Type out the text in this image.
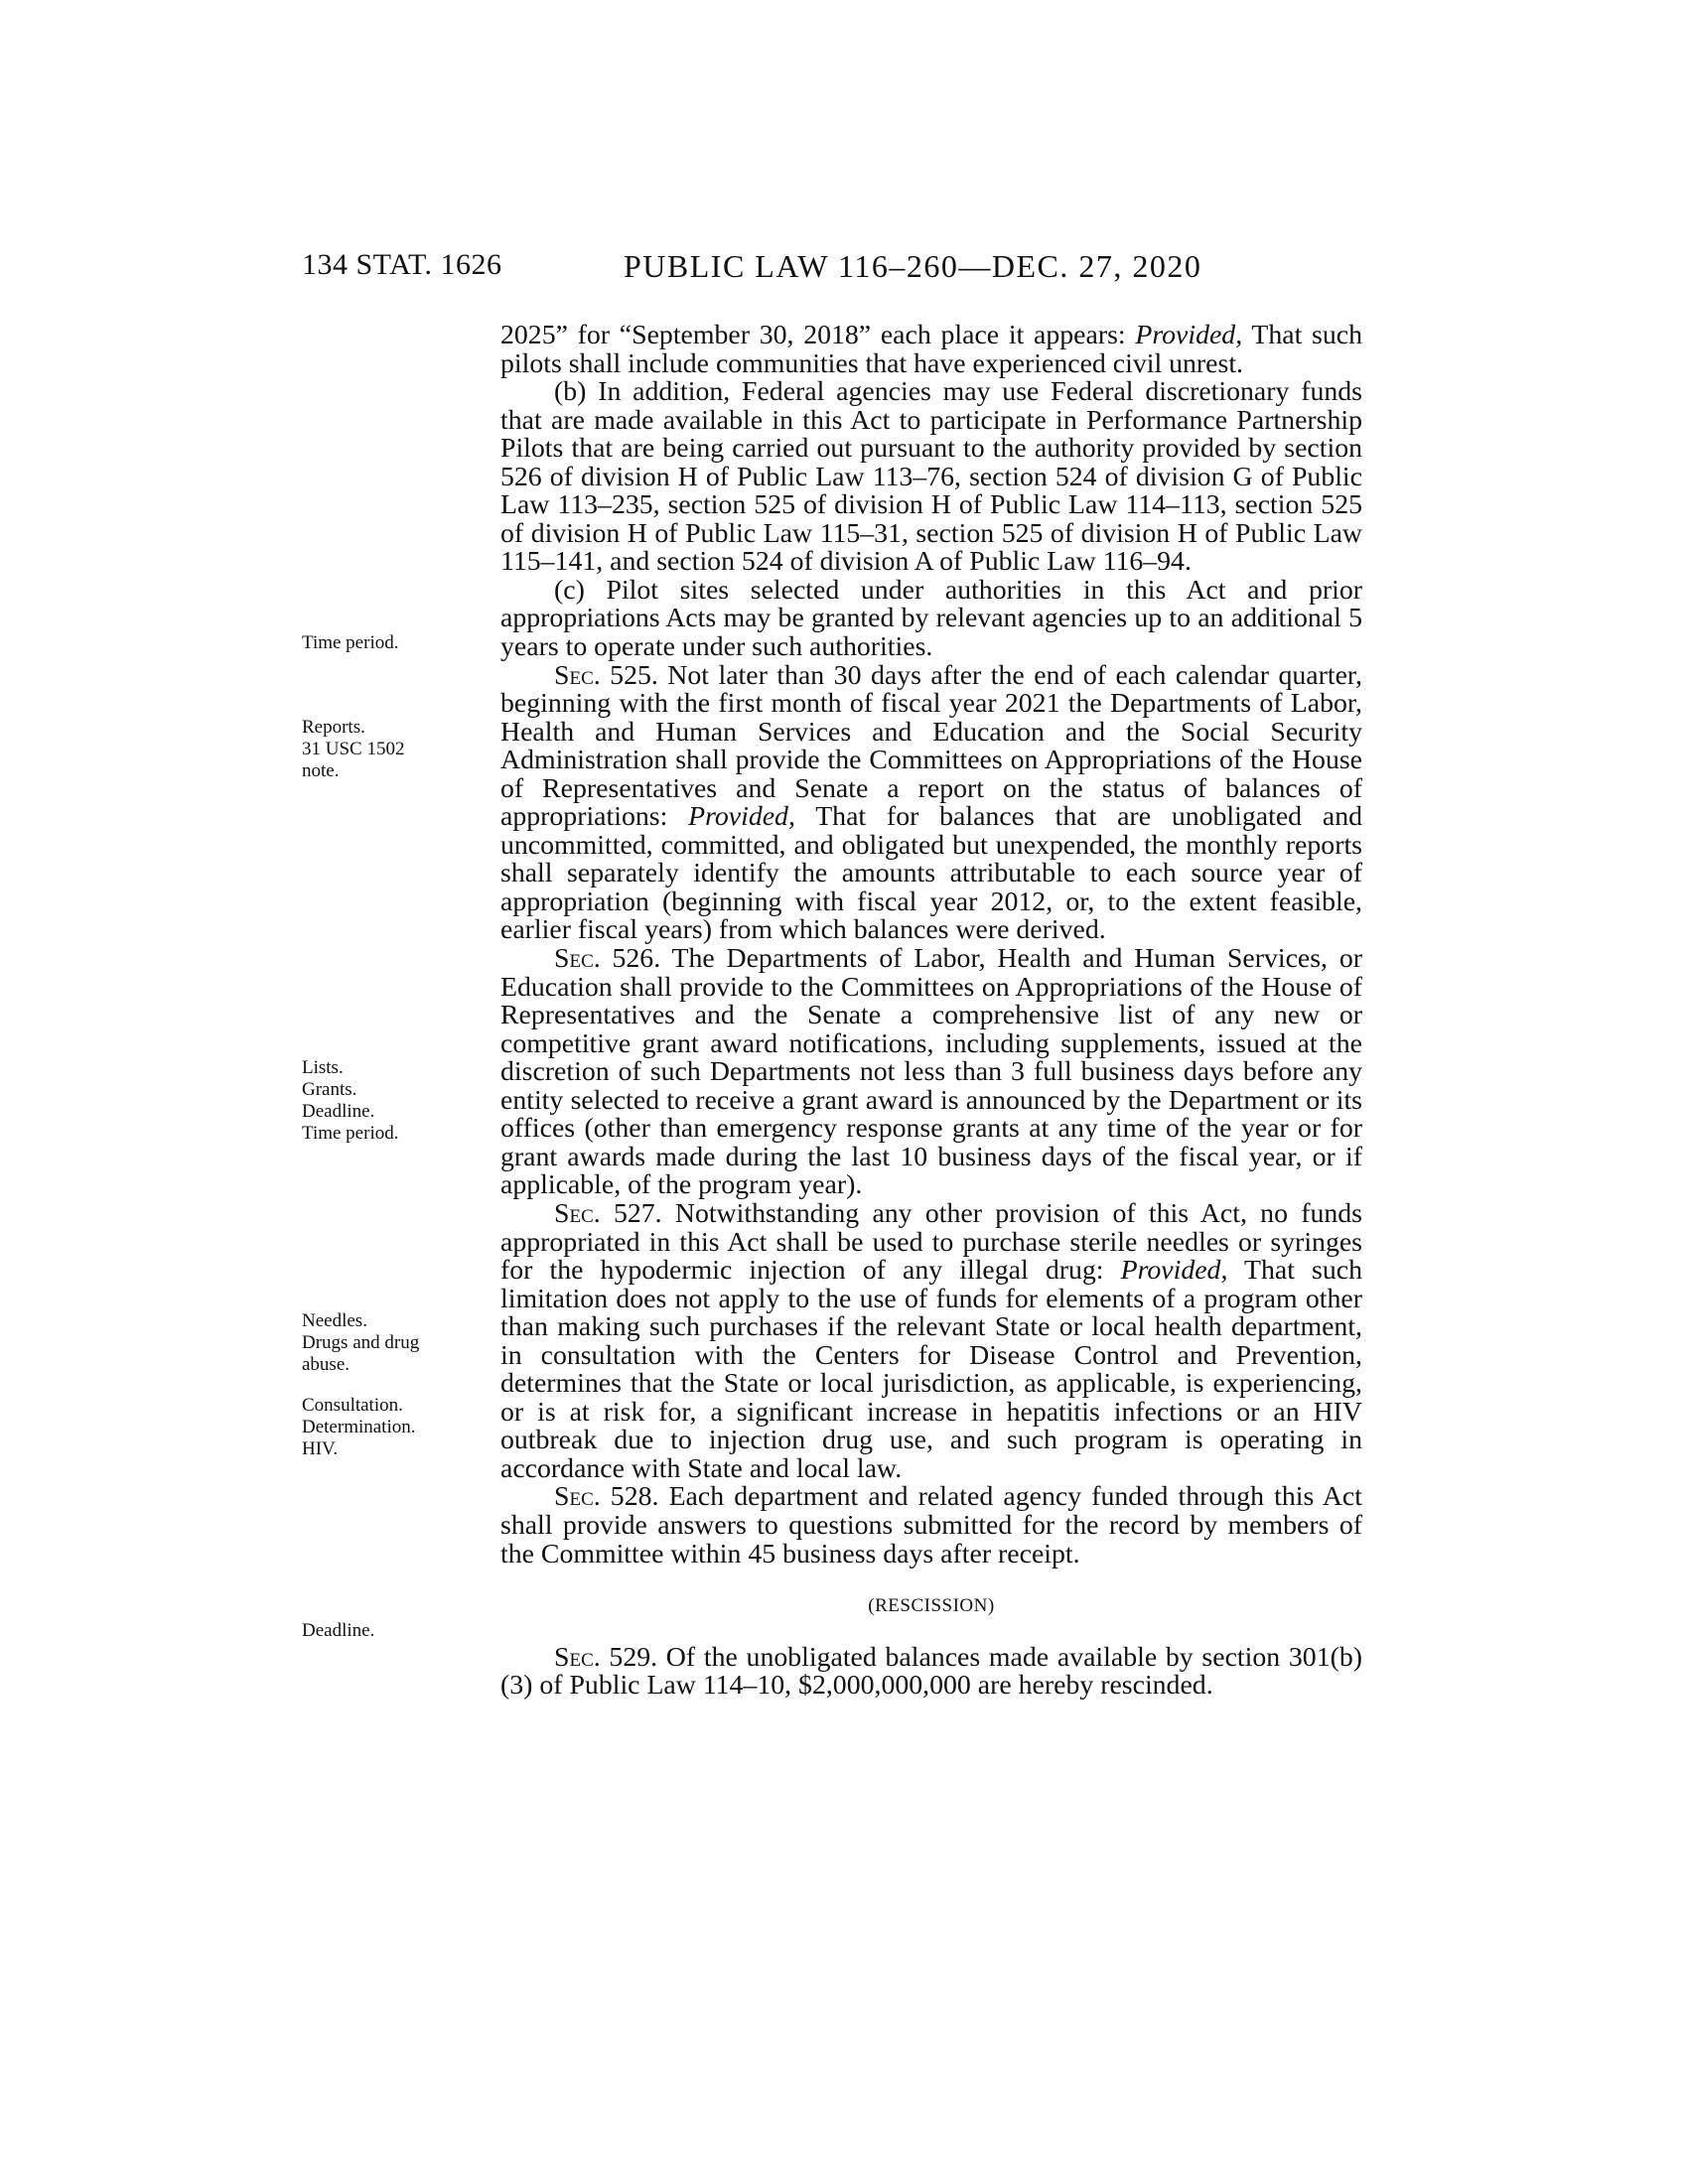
134 STAT. 1626	PUBLIC LAW 116–260—DEC. 27, 2020
Time period.
Reports.
31 USC 1502
note.
Lists.
Grants.
Deadline.
Time period.
Needles.
Drugs and drug
abuse.
Consultation.
Determination.
HIV.
Deadline.

2025” for “September 30, 2018” each place it appears: Provided, That such pilots shall include communities that have experienced civil unrest.

(b) In addition, Federal agencies may use Federal discretionary funds that are made available in this Act to participate in Performance Partnership Pilots that are being carried out pursuant to the authority provided by section 526 of division H of Public Law 113–76, section 524 of division G of Public Law 113–235, section 525 of division H of Public Law 114–113, section 525 of division H of Public Law 115–31, section 525 of division H of Public Law 115–141, and section 524 of division A of Public Law 116–94.

(c) Pilot sites selected under authorities in this Act and prior appropriations Acts may be granted by relevant agencies up to an additional 5 years to operate under such authorities.

Sec. 525. Not later than 30 days after the end of each calendar quarter, beginning with the first month of fiscal year 2021 the Departments of Labor, Health and Human Services and Education and the Social Security Administration shall provide the Committees on Appropriations of the House of Representatives and Senate a report on the status of balances of appropriations: Provided, That for balances that are unobligated and uncommitted, committed, and obligated but unexpended, the monthly reports shall separately identify the amounts attributable to each source year of appropriation (beginning with fiscal year 2012, or, to the extent feasible, earlier fiscal years) from which balances were derived.

Sec. 526. The Departments of Labor, Health and Human Services, or Education shall provide to the Committees on Appropriations of the House of Representatives and the Senate a comprehensive list of any new or competitive grant award notifications, including supplements, issued at the discretion of such Departments not less than 3 full business days before any entity selected to receive a grant award is announced by the Department or its offices (other than emergency response grants at any time of the year or for grant awards made during the last 10 business days of the fiscal year, or if applicable, of the program year).

Sec. 527. Notwithstanding any other provision of this Act, no funds appropriated in this Act shall be used to purchase sterile needles or syringes for the hypodermic injection of any illegal drug: Provided, That such limitation does not apply to the use of funds for elements of a program other than making such purchases if the relevant State or local health department, in consultation with the Centers for Disease Control and Prevention, determines that the State or local jurisdiction, as applicable, is experiencing, or is at risk for, a significant increase in hepatitis infections or an HIV outbreak due to injection drug use, and such program is operating in accordance with State and local law.

Sec. 528. Each department and related agency funded through this Act shall provide answers to questions submitted for the record by members of the Committee within 45 business days after receipt.

(RESCISSION)

Sec. 529. Of the unobligated balances made available by section 301(b)(3) of Public Law 114–10, $2,000,000,000 are hereby rescinded.
